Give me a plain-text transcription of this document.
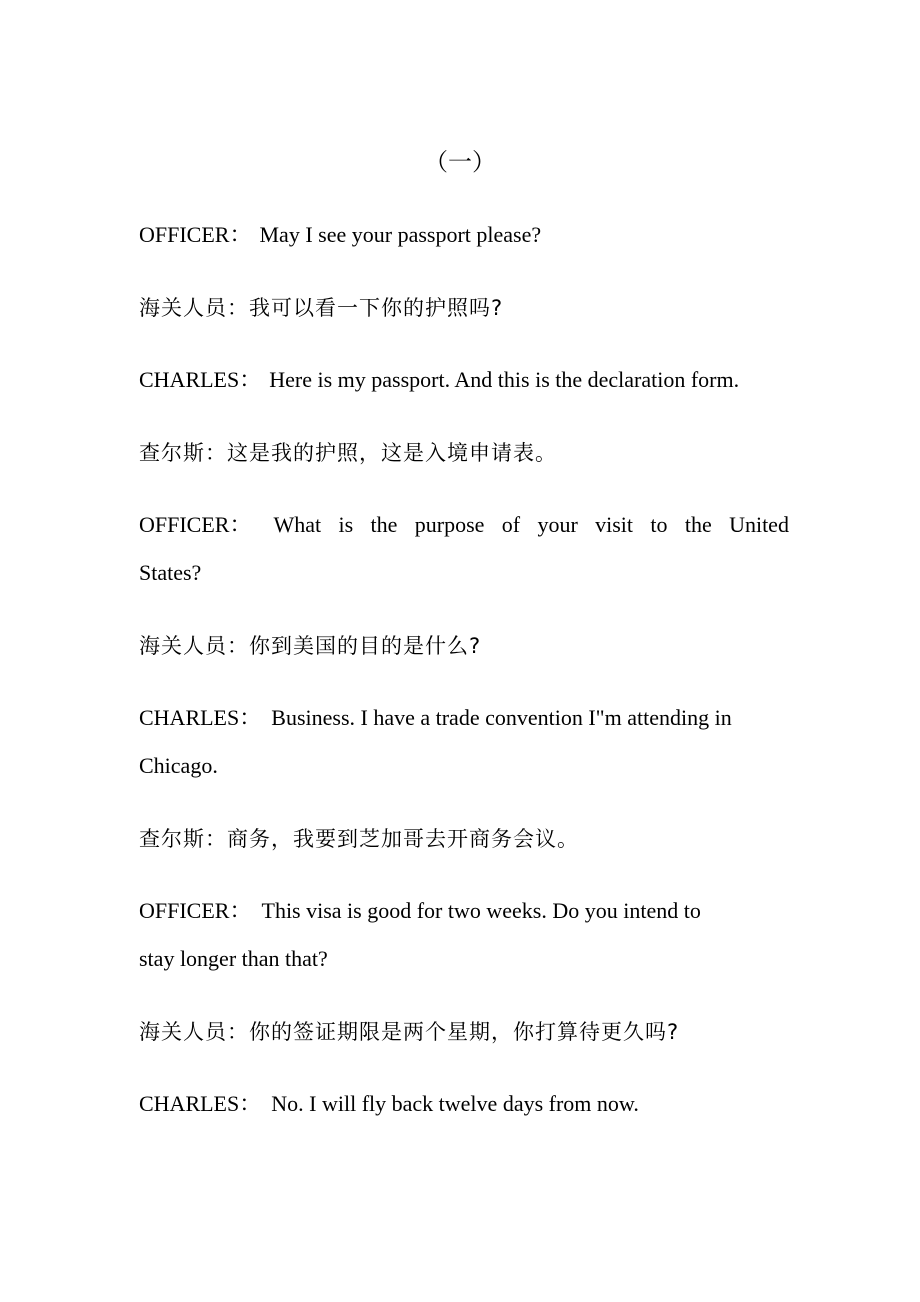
（一）
OFFICER： May I see your passport please?
海关人员：我可以看一下你的护照吗?
CHARLES： Here is my passport. And this is the declaration form.
查尔斯：这是我的护照，这是入境申请表。
OFFICER ： What is the purpose of your visit to the United
States?
海关人员：你到美国的目的是什么?
CHARLES： Business. I have a trade convention I"m attending in
Chicago.
查尔斯：商务，我要到芝加哥去开商务会议。
OFFICER： This visa is good for two weeks. Do you intend to
stay longer than that?
海关人员：你的签证期限是两个星期，你打算待更久吗?
CHARLES： No. I will fly back twelve days from now.
